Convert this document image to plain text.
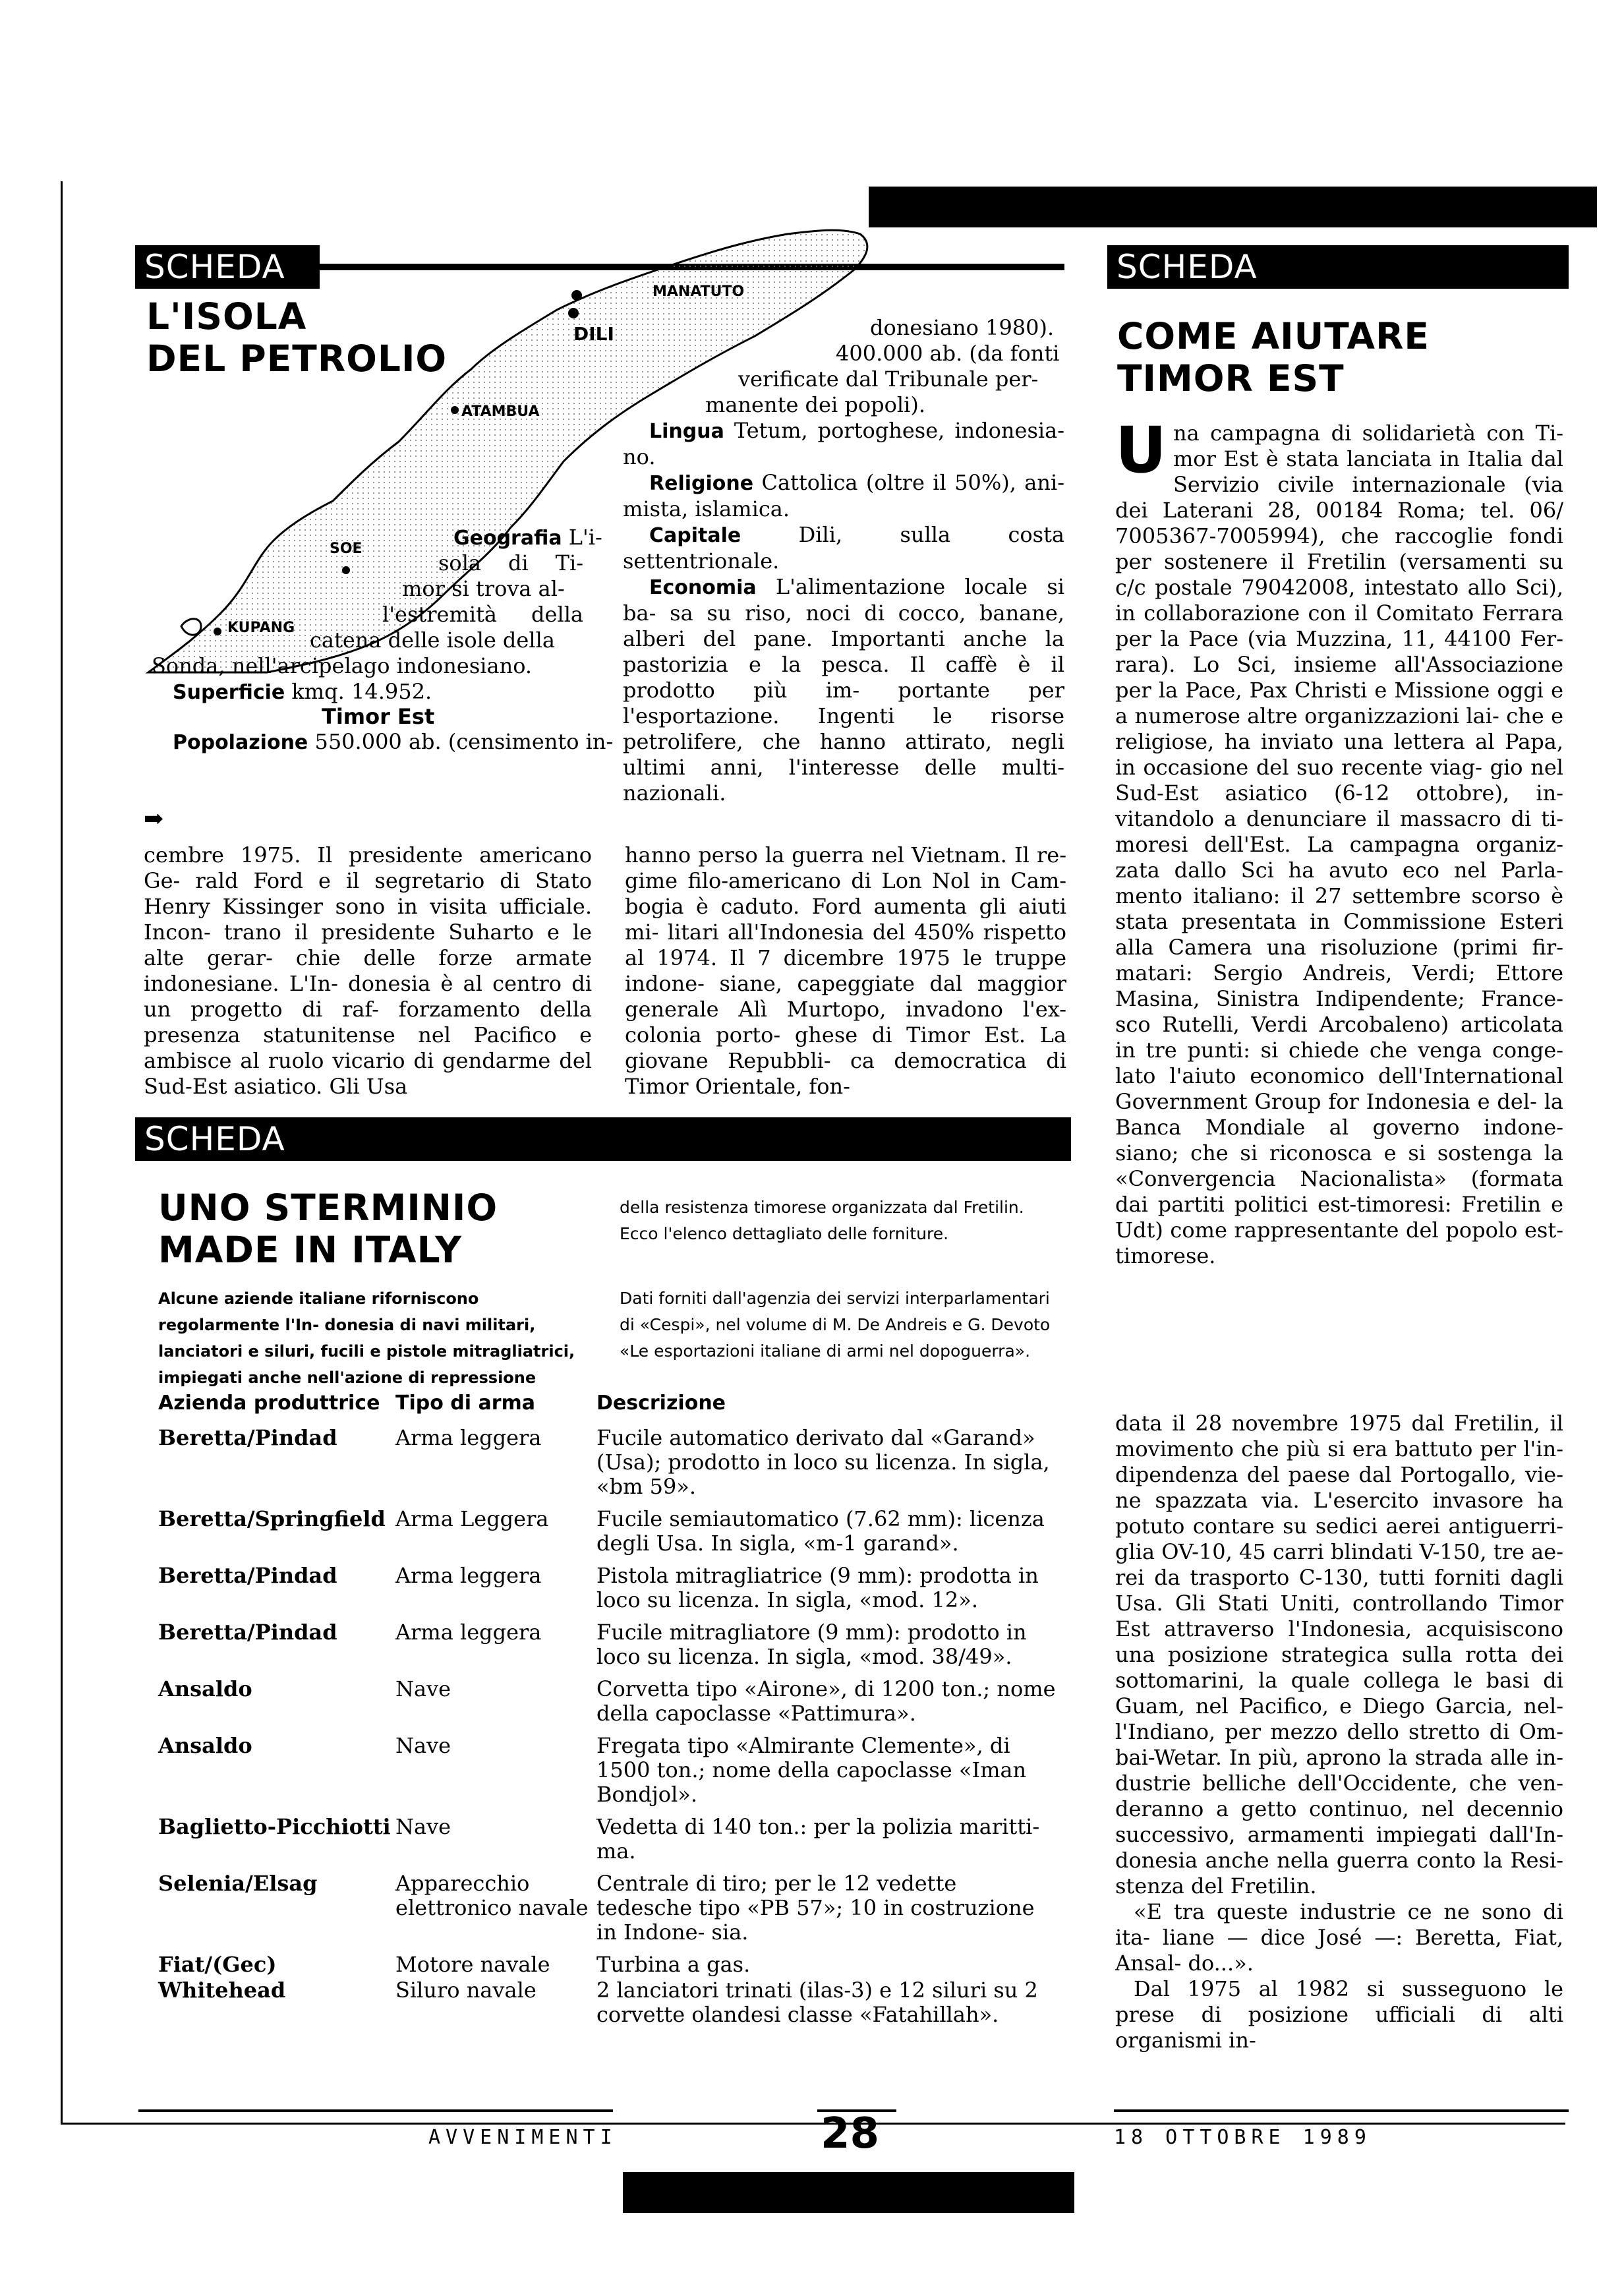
SCHEDA
L'ISOLA
DEL PETROLIO
MANATUTO
DILI
ATAMBUA
SOE
KUPANG
donesiano 1980).
400.000 ab. (da fonti
verificate dal Tribunale per-
manente dei popoli).

Lingua Tetum, portoghese, indonesia- no.

Religione Cattolica (oltre il 50%), ani- mista, islamica.

Capitale Dili, sulla costa settentrionale.

Economia L'alimentazione locale si ba- sa su riso, noci di cocco, banane, alberi del pane. Importanti anche la pastorizia e la pesca. Il caffè è il prodotto più im- portante per l'esportazione. Ingenti le risorse petrolifere, che hanno attirato, negli ultimi anni, l'interesse delle multi- nazionali.

Geografia L'i-
sola di Ti-
mor si trova al-
l'estremità della
catena delle isole della
Sonda, nell'arcipelago indonesiano.
Superficie kmq. 14.952.
Timor Est
Popolazione 550.000 ab. (censimento in-
➡
cembre 1975. Il presidente americano Ge- rald Ford e il segretario di Stato Henry Kissinger sono in visita ufficiale. Incon- trano il presidente Suharto e le alte gerar- chie delle forze armate indonesiane. L'In- donesia è al centro di un progetto di raf- forzamento della presenza statunitense nel Pacifico e ambisce al ruolo vicario di gendarme del Sud-Est asiatico. Gli Usa
hanno perso la guerra nel Vietnam. Il re- gime filo-americano di Lon Nol in Cam- bogia è caduto. Ford aumenta gli aiuti mi- litari all'Indonesia del 450% rispetto al 1974. Il 7 dicembre 1975 le truppe indone- siane, capeggiate dal maggior generale Alì Murtopo, invadono l'ex-colonia porto- ghese di Timor Est. La giovane Repubbli- ca democratica di Timor Orientale, fon-
SCHEDA
COME AIUTARE
TIMOR EST
Una campagna di solidarietà con Ti- mor Est è stata lanciata in Italia dal Servizio civile internazionale (via dei Laterani 28, 00184 Roma; tel. 06/ 7005367-7005994), che raccoglie fondi per sostenere il Fretilin (versamenti su c/c postale 79042008, intestato allo Sci), in collaborazione con il Comitato Ferrara per la Pace (via Muzzina, 11, 44100 Fer- rara). Lo Sci, insieme all'Associazione per la Pace, Pax Christi e Missione oggi e a numerose altre organizzazioni lai- che e religiose, ha inviato una lettera al Papa, in occasione del suo recente viag- gio nel Sud-Est asiatico (6-12 ottobre), in- vitandolo a denunciare il massacro di ti- moresi dell'Est. La campagna organiz- zata dallo Sci ha avuto eco nel Parla- mento italiano: il 27 settembre scorso è stata presentata in Commissione Esteri alla Camera una risoluzione (primi fir- matari: Sergio Andreis, Verdi; Ettore Masina, Sinistra Indipendente; France- sco Rutelli, Verdi Arcobaleno) articolata in tre punti: si chiede che venga conge- lato l'aiuto economico dell'International Government Group for Indonesia e del- la Banca Mondiale al governo indone- siano; che si riconosca e si sostenga la «Convergencia Nacionalista» (formata dai partiti politici est-timoresi: Fretilin e Udt) come rappresentante del popolo est-timorese.
SCHEDA
UNO STERMINIO
MADE IN ITALY
Alcune aziende italiane riforniscono regolarmente l'In- donesia di navi militari, lanciatori e siluri, fucili e pistole mitragliatrici, impiegati anche nell'azione di repressione
della resistenza timorese organizzata dal Fretilin. Ecco l'elenco dettagliato delle forniture.
Dati forniti dall'agenzia dei servizi interparlamentari di «Cespi», nel volume di M. De Andreis e G. Devoto «Le esportazioni italiane di armi nel dopoguerra».
Azienda produttrice	Tipo di arma	Descrizione
Beretta/Pindad	Arma leggera	Fucile automatico derivato dal «Garand» (Usa); prodotto in loco su licenza. In sigla, «bm 59».
Beretta/Springfield	Arma Leggera	Fucile semiautomatico (7.62 mm): licenza degli Usa. In sigla, «m-1 garand».
Beretta/Pindad	Arma leggera	Pistola mitragliatrice (9 mm): prodotta in loco su licenza. In sigla, «mod. 12».
Beretta/Pindad	Arma leggera	Fucile mitragliatore (9 mm): prodotto in loco su licenza. In sigla, «mod. 38/49».
Ansaldo	Nave	Corvetta tipo «Airone», di 1200 ton.; nome della capoclasse «Pattimura».
Ansaldo	Nave	Fregata tipo «Almirante Clemente», di 1500 ton.; nome della capoclasse «Iman Bondjol».
Baglietto-Picchiotti	Nave	Vedetta di 140 ton.: per la polizia maritti- ma.
Selenia/Elsag	Apparecchio elettronico navale	Centrale di tiro; per le 12 vedette tedesche tipo «PB 57»; 10 in costruzione in Indone- sia.
Fiat/(Gec)	Motore navale	Turbina a gas.
Whitehead	Siluro navale	2 lanciatori trinati (ilas-3) e 12 siluri su 2 corvette olandesi classe «Fatahillah».

data il 28 novembre 1975 dal Fretilin, il movimento che più si era battuto per l'in- dipendenza del paese dal Portogallo, vie- ne spazzata via. L'esercito invasore ha potuto contare su sedici aerei antiguerri- glia OV-10, 45 carri blindati V-150, tre ae- rei da trasporto C-130, tutti forniti dagli Usa. Gli Stati Uniti, controllando Timor Est attraverso l'Indonesia, acquisiscono una posizione strategica sulla rotta dei sottomarini, la quale collega le basi di Guam, nel Pacifico, e Diego Garcia, nel- l'Indiano, per mezzo dello stretto di Om- bai-Wetar. In più, aprono la strada alle in- dustrie belliche dell'Occidente, che ven- deranno a getto continuo, nel decennio successivo, armamenti impiegati dall'In- donesia anche nella guerra conto la Resi- stenza del Fretilin.

«E tra queste industrie ce ne sono di ita- liane — dice José —: Beretta, Fiat, Ansal- do...».

Dal 1975 al 1982 si susseguono le prese di posizione ufficiali di alti organismi in-

AVVENIMENTI	28	18 OTTOBRE 1989
